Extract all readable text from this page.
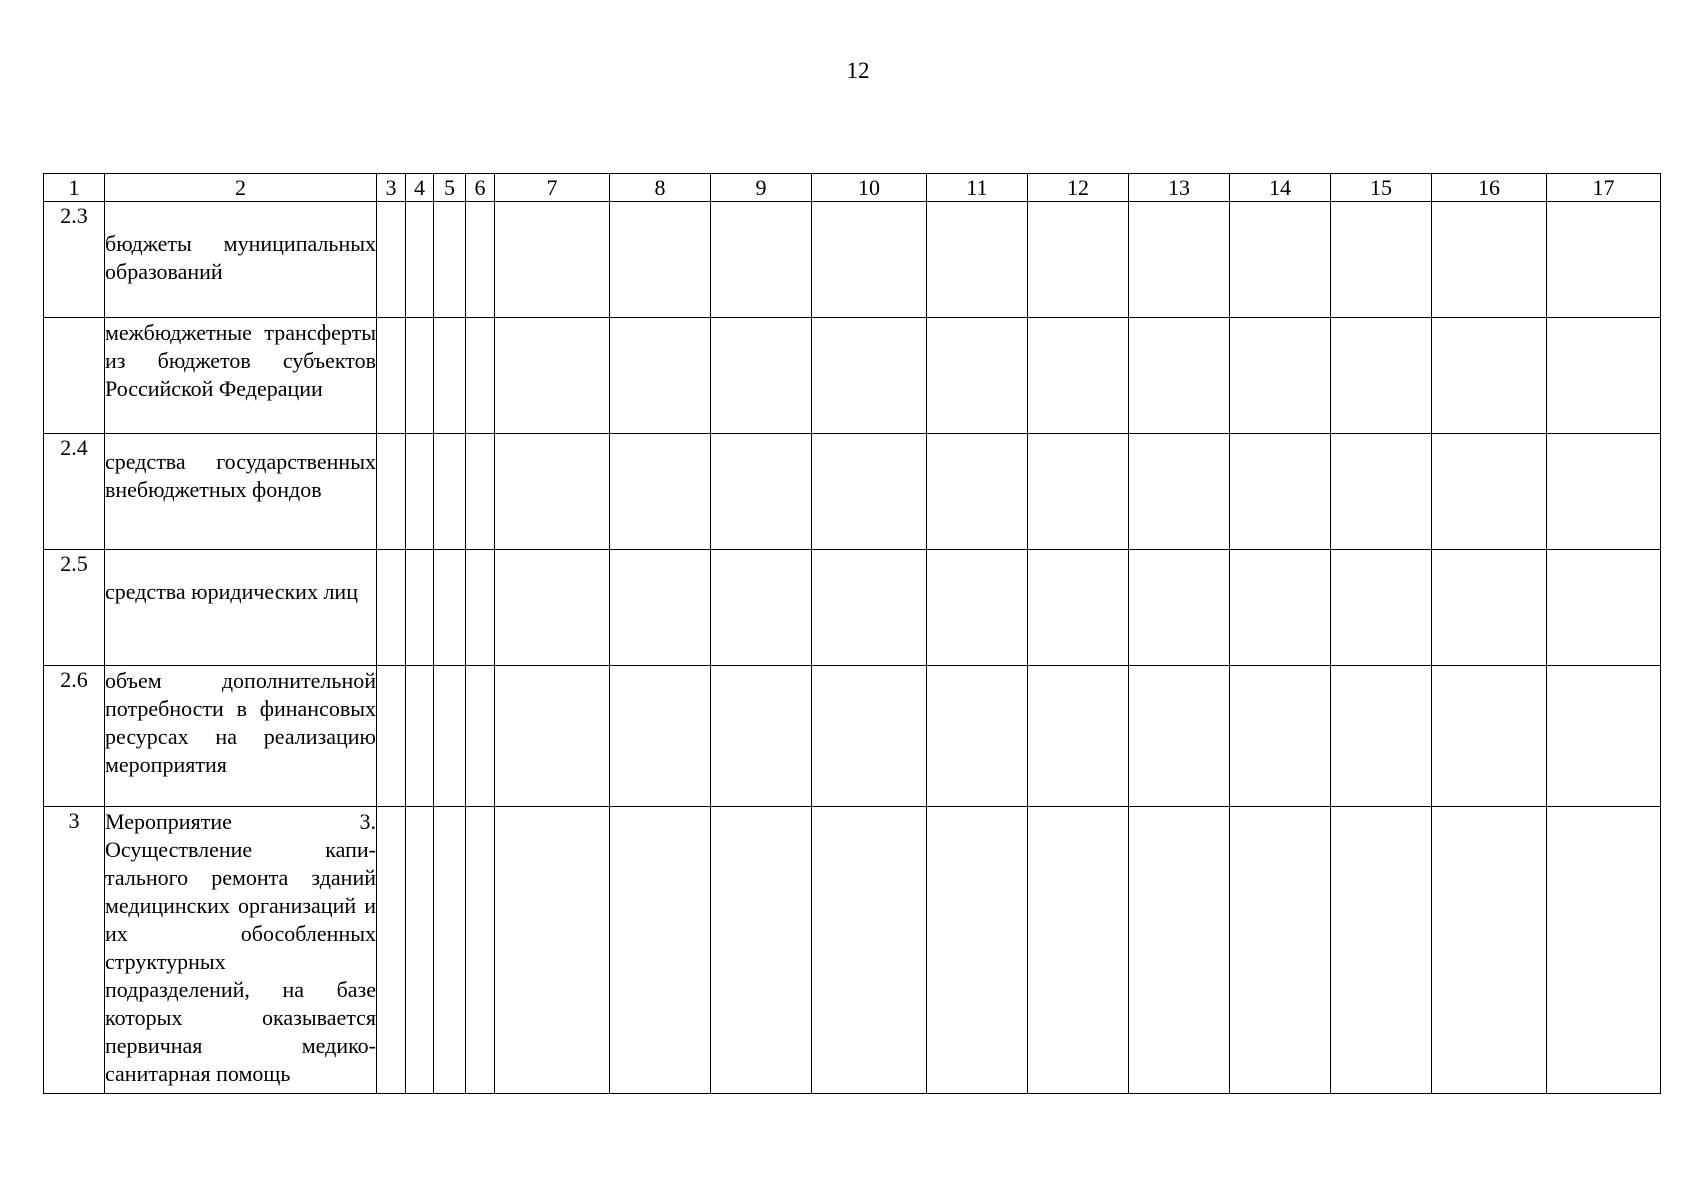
12
1	2	3	4	5	6	7	8	9	10	11	12	13	14	15	16	17
2.3	бюджеты муниципальных образований															

	межбюджетные трансферты из бюджетов субъектов Российской Федерации															

2.4	средства государственных внебюджетных фондов															

2.5	средства юридических лиц															

2.6	объем дополнительной потребности в финансовых ресурсах на реализацию мероприятия															

3	Мероприятие 3. Осуществление капитального ремонта зданий медицинских организаций и их обособленных структурных подразделений, на базе которых оказывается первичная медико-санитарная помощь															
